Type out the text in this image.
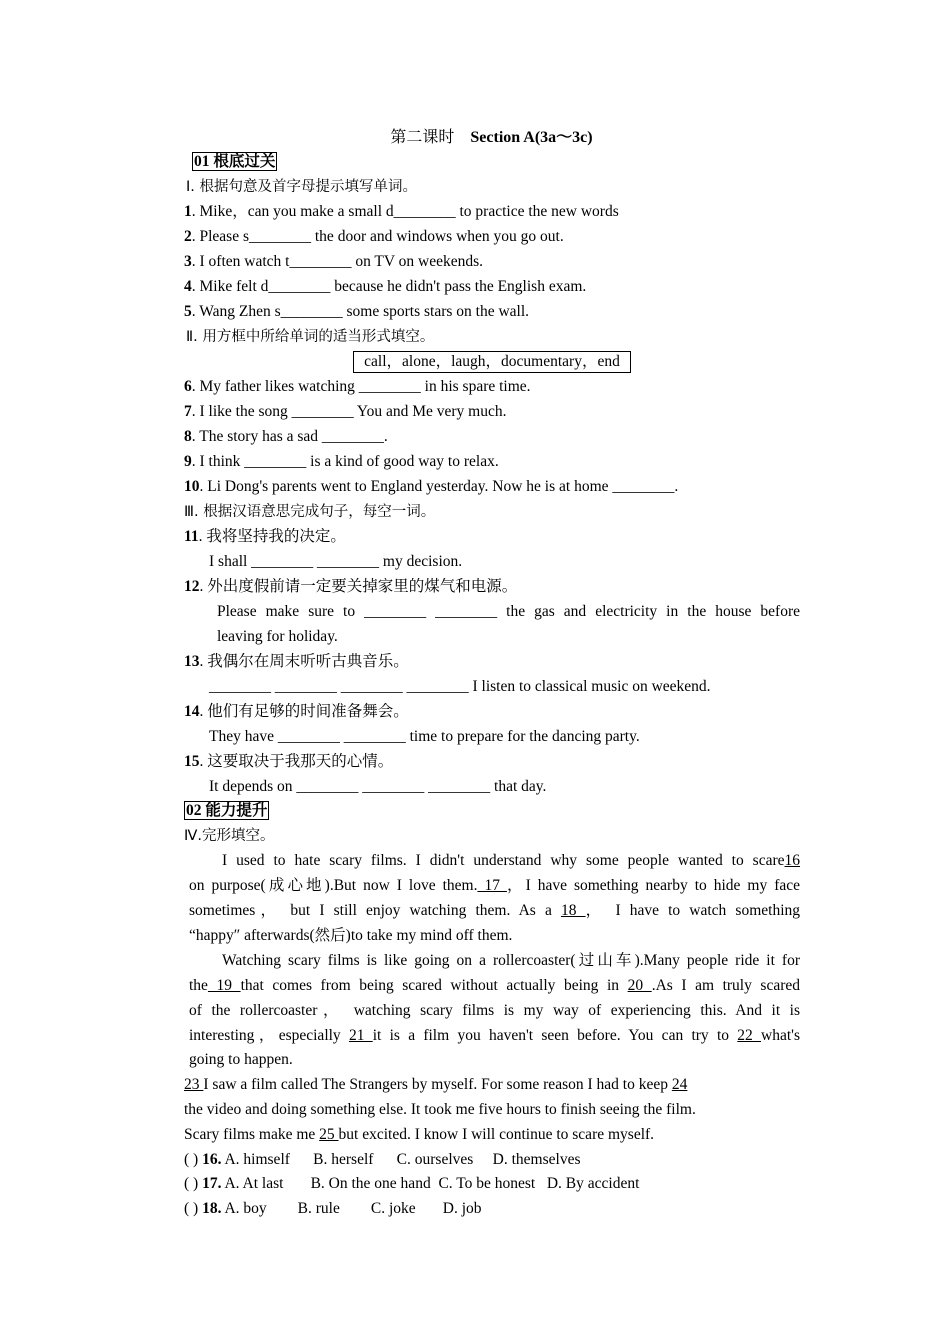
第二课时 Section A(3a～3c)
01 根底过关
Ⅰ. 根据句意及首字母提示填写单词。
1. Mike，can you make a small d________ to practice the new words
2. Please s________ the door and windows when you go out.
3. I often watch t________ on TV on weekends.
4. Mike felt d________ because he didn't pass the English exam.
5. Wang Zhen s________ some sports stars on the wall.
Ⅱ. 用方框中所给单词的适当形式填空。
call，alone，laugh，documentary，end
6. My father likes watching ________ in his spare time.
7. I like the song ________ You and Me very much.
8. The story has a sad ________.
9. I think ________ is a kind of good way to relax.
10. Li Dong's parents went to England yesterday. Now he is at home ________.
Ⅲ. 根据汉语意思完成句子，每空一词。
11. 我将坚持我的决定。
I shall ________ ________ my decision.
12. 外出度假前请一定要关掉家里的煤气和电源。
Please make sure to ________ ________ the gas and electricity in the house before
leaving for holiday.
13. 我偶尔在周末听听古典音乐。
________ ________ ________ ________ I listen to classical music on weekend.
14. 他们有足够的时间准备舞会。
They have ________ ________ time to prepare for the dancing party.
15. 这要取决于我那天的心情。
It depends on ________ ________ ________ that day.
02 能力提升
Ⅳ.完形填空。
I used to hate scary films. I didn't understand why some people wanted to scare16
on purpose(成心地).But now I love them. 17 ，I have something nearby to hide my face
sometimes， but I still enjoy watching them. As a 18 ， I have to watch something
“happy″ afterwards(然后)to take my mind off them.
Watching scary films is like going on a rollercoaster(过山车).Many people ride it for
the 19 that comes from being scared without actually being in 20 .As I am truly scared
of the rollercoaster， watching scary films is my way of experiencing this. And it is
interesting，especially 21 it is a film you haven't seen before. You can try to 22 what's
going to happen.
23 I saw a film called The Strangers by myself. For some reason I had to keep 24
the video and doing something else. It took me five hours to finish seeing the film.
Scary films make me 25 but excited. I know I will continue to scare myself.
( ) 16. A. himself      B. herself      C. ourselves     D. themselves
( ) 17. A. At last       B. On the one hand  C. To be honest   D. By accident
( ) 18. A. boy        B. rule        C. joke       D. job
